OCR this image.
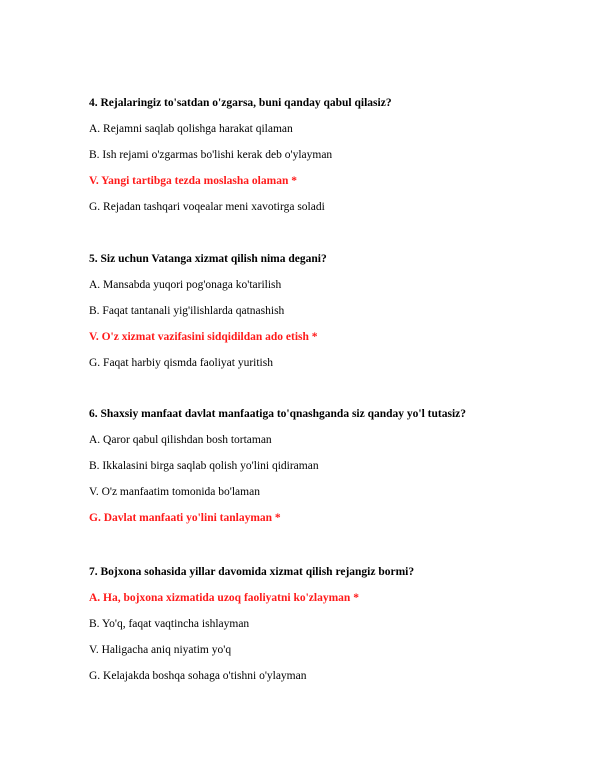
4. Rejalaringiz to'satdan o'zgarsa, buni qanday qabul qilasiz?
A. Rejamni saqlab qolishga harakat qilaman
B. Ish rejami o'zgarmas bo'lishi kerak deb o'ylayman
V. Yangi tartibga tezda moslasha olaman *
G. Rejadan tashqari voqealar meni xavotirga soladi
5. Siz uchun Vatanga xizmat qilish nima degani?
A. Mansabda yuqori pog'onaga ko'tarilish
B. Faqat tantanali yig'ilishlarda qatnashish
V. O'z xizmat vazifasini sidqidildan ado etish *
G. Faqat harbiy qismda faoliyat yuritish
6. Shaxsiy manfaat davlat manfaatiga to'qnashganda siz qanday yo'l tutasiz?
A. Qaror qabul qilishdan bosh tortaman
B. Ikkalasini birga saqlab qolish yo'lini qidiraman
V. O'z manfaatim tomonida bo'laman
G. Davlat manfaati yo'lini tanlayman *
7. Bojxona sohasida yillar davomida xizmat qilish rejangiz bormi?
A. Ha, bojxona xizmatida uzoq faoliyatni ko'zlayman *
B. Yo'q, faqat vaqtincha ishlayman
V. Haligacha aniq niyatim yo'q
G. Kelajakda boshqa sohaga o'tishni o'ylayman
